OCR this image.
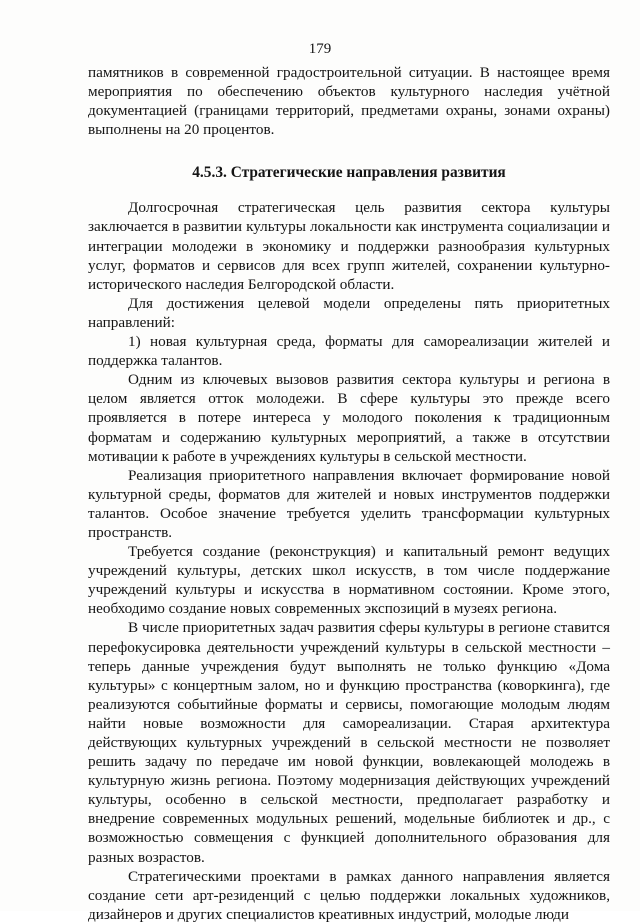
179

памятников в современной градостроительной ситуации. В настоящее время мероприятия по обеспечению объектов культурного наследия учётной документацией (границами территорий, предметами охраны, зонами охраны) выполнены на 20 процентов.

4.5.3. Стратегические направления развития

Долгосрочная стратегическая цель развития сектора культуры заключается в развитии культуры локальности как инструмента социализации и интеграции молодежи в экономику и поддержки разнообразия культурных услуг, форматов и сервисов для всех групп жителей, сохранении культурно-исторического наследия Белгородской области.

Для достижения целевой модели определены пять приоритетных направлений:

1) новая культурная среда, форматы для самореализации жителей и поддержка талантов.

Одним из ключевых вызовов развития сектора культуры и региона в целом является отток молодежи. В сфере культуры это прежде всего проявляется в потере интереса у молодого поколения к традиционным форматам и содержанию культурных мероприятий, а также в отсутствии мотивации к работе в учреждениях культуры в сельской местности.

Реализация приоритетного направления включает формирование новой культурной среды, форматов для жителей и новых инструментов поддержки талантов. Особое значение требуется уделить трансформации культурных пространств.

Требуется создание (реконструкция) и капитальный ремонт ведущих учреждений культуры, детских школ искусств, в том числе поддержание учреждений культуры и искусства в нормативном состоянии. Кроме этого, необходимо создание новых современных экспозиций в музеях региона.

В числе приоритетных задач развития сферы культуры в регионе ставится перефокусировка деятельности учреждений культуры в сельской местности – теперь данные учреждения будут выполнять не только функцию «Дома культуры» с концертным залом, но и функцию пространства (коворкинга), где реализуются событийные форматы и сервисы, помогающие молодым людям найти новые возможности для самореализации. Старая архитектура действующих культурных учреждений в сельской местности не позволяет решить задачу по передаче им новой функции, вовлекающей молодежь в культурную жизнь региона. Поэтому модернизация действующих учреждений культуры, особенно в сельской местности, предполагает разработку и внедрение современных модульных решений, модельные библиотек и др., с возможностью совмещения с функцией дополнительного образования для разных возрастов.

Стратегическими проектами в рамках данного направления является создание сети арт-резиденций с целью поддержки локальных художников, дизайнеров и других специалистов креативных индустрий, молодые люди
